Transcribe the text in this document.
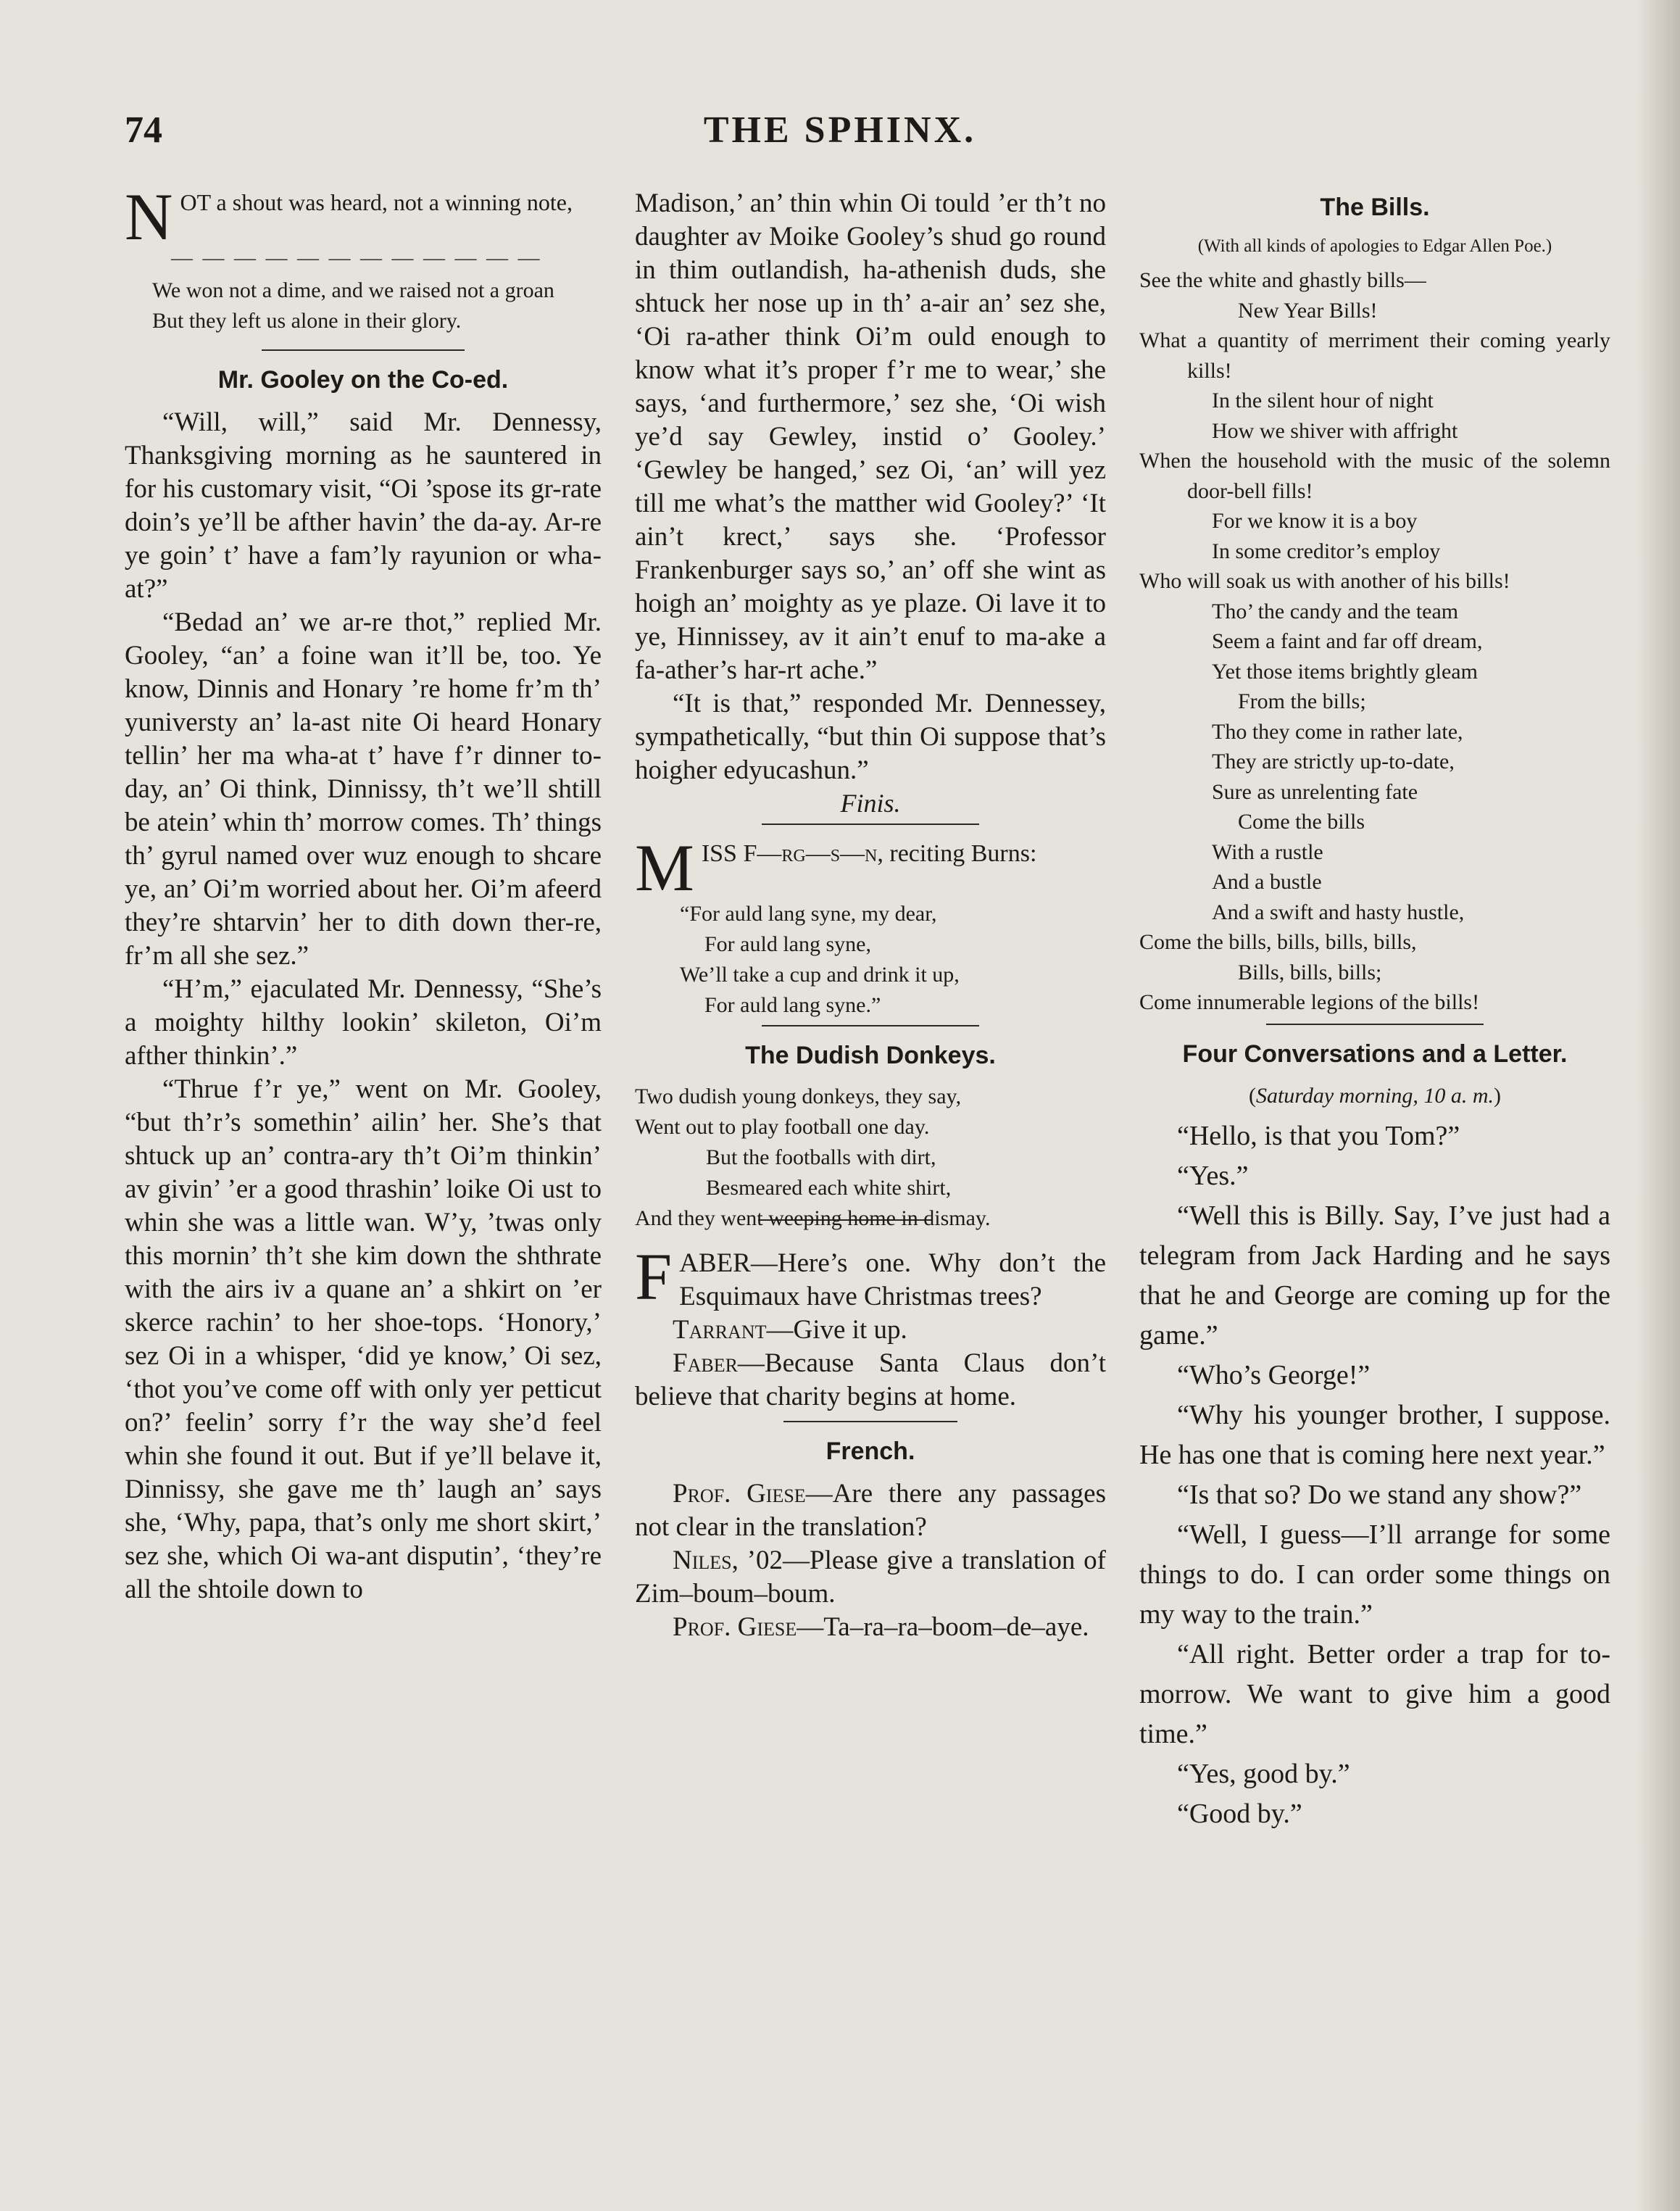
74	THE SPHINX.
N OT a shout was heard, not a winning note,
— — — — — — — — — — — —
We won not a dime, and we raised not a groan
But they left us alone in their glory.
Mr. Gooley on the Co-ed.

“Will, will,” said Mr. Dennessy, Thanksgiving morning as he sauntered in for his customary visit, “Oi ’spose its gr-rate doin’s ye’ll be afther havin’ the da-ay. Ar-re ye goin’ t’ have a fam’ly rayunion or wha-at?”

“Bedad an’ we ar-re thot,” replied Mr. Gooley, “an’ a foine wan it’ll be, too. Ye know, Dinnis and Honary ’re home fr’m th’ yuniversty an’ la-ast nite Oi heard Honary tellin’ her ma wha-at t’ have f’r dinner to-day, an’ Oi think, Dinnissy, th’t we’ll shtill be atein’ whin th’ morrow comes. Th’ things th’ gyrul named over wuz enough to shcare ye, an’ Oi’m worried about her. Oi’m afeerd they’re shtarvin’ her to dith down ther-re, fr’m all she sez.”

“H’m,” ejaculated Mr. Dennessy, “She’s a moighty hilthy lookin’ skileton, Oi’m afther thinkin’.”

“Thrue f’r ye,” went on Mr. Gooley, “but th’r’s somethin’ ailin’ her. She’s that shtuck up an’ contra-ary th’t Oi’m thinkin’ av givin’ ’er a good thrashin’ loike Oi ust to whin she was a little wan. W’y, ’twas only this mornin’ th’t she kim down the shthrate with the airs iv a quane an’ a shkirt on ’er skerce rachin’ to her shoe-tops. ‘Honory,’ sez Oi in a whisper, ‘did ye know,’ Oi sez, ‘thot you’ve come off with only yer petticut on?’ feelin’ sorry f’r the way she’d feel whin she found it out. But if ye’ll belave it, Dinnissy, she gave me th’ laugh an’ says she, ‘Why, papa, that’s only me short skirt,’ sez she, which Oi wa-ant disputin’, ‘they’re all the shtoile down to

Madison,’ an’ thin whin Oi tould ’er th’t no daughter av Moike Gooley’s shud go round in thim outlandish, ha-athenish duds, she shtuck her nose up in th’ a-air an’ sez she, ‘Oi ra-ather think Oi’m ould enough to know what it’s proper f’r me to wear,’ she says, ‘and furthermore,’ sez she, ‘Oi wish ye’d say Gewley, instid o’ Gooley.’ ‘Gewley be hanged,’ sez Oi, ‘an’ will yez till me what’s the matther wid Gooley?’ ‘It ain’t krect,’ says she. ‘Professor Frankenburger says so,’ an’ off she wint as hoigh an’ moighty as ye plaze. Oi lave it to ye, Hinnissey, av it ain’t enuf to ma-ake a fa-ather’s har-rt ache.”

“It is that,” responded Mr. Dennessey, sympathetically, “but thin Oi suppose that’s hoigher edyucashun.”

Finis.
M ISS F—rg—s—n, reciting Burns:
“For auld lang syne, my dear,
For auld lang syne,
We’ll take a cup and drink it up,
For auld lang syne.”
The Dudish Donkeys.
Two dudish young donkeys, they say,
Went out to play football one day.
But the footballs with dirt,
Besmeared each white shirt,
And they went weeping home in dismay.

FABER—Here’s one. Why don’t the Esquimaux have Christmas trees?

Tarrant—Give it up.

Faber—Because Santa Claus don’t believe that charity begins at home.

French.

Prof. Giese—Are there any passages not clear in the translation?

Niles, ’02—Please give a translation of Zim–boum–boum.

Prof. Giese—Ta–ra–ra–boom–de–aye.

The Bills.
(With all kinds of apologies to Edgar Allen Poe.)
See the white and ghastly bills—
New Year Bills!
What a quantity of merriment their coming yearly kills!
In the silent hour of night
How we shiver with affright
When the household with the music of the solemn door-bell fills!
For we know it is a boy
In some creditor’s employ
Who will soak us with another of his bills!
Tho’ the candy and the team
Seem a faint and far off dream,
Yet those items brightly gleam
From the bills;
Tho they come in rather late,
They are strictly up-to-date,
Sure as unrelenting fate
Come the bills
With a rustle
And a bustle
And a swift and hasty hustle,
Come the bills, bills, bills, bills,
Bills, bills, bills;
Come innumerable legions of the bills!
Four Conversations and a Letter.
(Saturday morning, 10 a. m.)

“Hello, is that you Tom?”

“Yes.”

“Well this is Billy. Say, I’ve just had a telegram from Jack Harding and he says that he and George are coming up for the game.”

“Who’s George!”

“Why his younger brother, I suppose. He has one that is coming here next year.”

“Is that so? Do we stand any show?”

“Well, I guess—I’ll arrange for some things to do. I can order some things on my way to the train.”

“All right. Better order a trap for to-morrow. We want to give him a good time.”

“Yes, good by.”

“Good by.”
